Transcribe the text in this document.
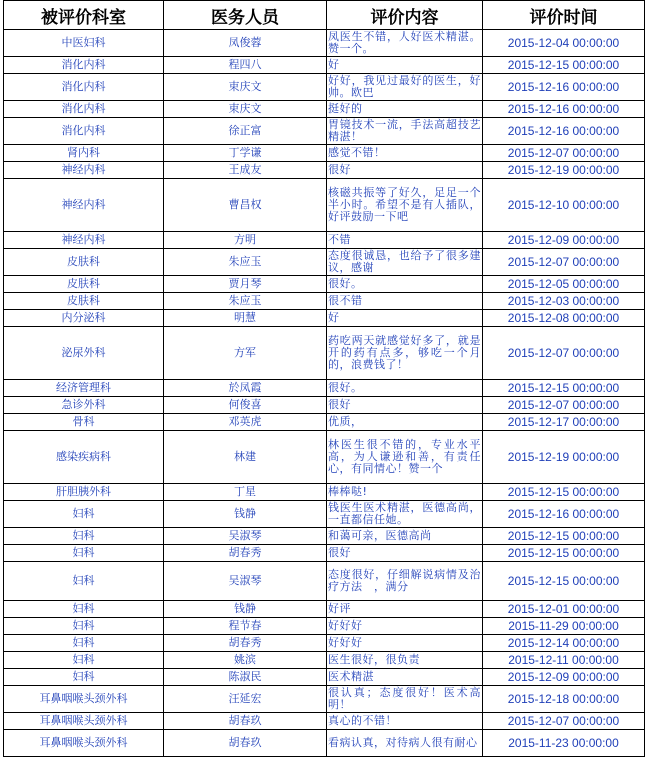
被评价科室	医务人员	评价内容	评价时间
中医妇科	凤俊蓉	凤医生不错，人好医术精湛。赞一个。	2015-12-04 00:00:00
消化内科	程四八	好	2015-12-15 00:00:00
消化内科	束庆文	好好，我见过最好的医生，好帅。欧巴	2015-12-16 00:00:00
消化内科	束庆文	挺好的	2015-12-16 00:00:00
消化内科	徐正富	胃镜技术一流，手法高超技艺精湛！	2015-12-16 00:00:00
肾内科	丁学谦	感觉不错！	2015-12-07 00:00:00
神经内科	王成友	很好	2015-12-19 00:00:00
神经内科	曹昌权	核磁共振等了好久，足足一个半小时。希望不是有人插队，好评鼓励一下吧	2015-12-10 00:00:00
神经内科	方明	不错	2015-12-09 00:00:00
皮肤科	朱应玉	态度很诚恳，也给予了很多建议，感谢	2015-12-07 00:00:00
皮肤科	贾月琴	很好。	2015-12-05 00:00:00
皮肤科	朱应玉	很不错	2015-12-03 00:00:00
内分泌科	明慧	好	2015-12-08 00:00:00
泌尿外科	方军	药吃两天就感觉好多了，就是开的药有点多，够吃一个月的，浪费钱了！	2015-12-07 00:00:00
经济管理科	於凤霞	很好。	2015-12-15 00:00:00
急诊外科	何俊喜	很好	2015-12-07 00:00:00
骨科	邓英虎	优质，	2015-12-17 00:00:00
感染疾病科	林建	林医生很不错的，专业水平高，为人谦逊和善，有责任心，有同情心！赞一个	2015-12-19 00:00:00
肝胆胰外科	丁星	棒棒哒!	2015-12-15 00:00:00
妇科	钱静	钱医生医术精湛，医德高尚，一直都信任她。	2015-12-16 00:00:00
妇科	吴淑琴	和蔼可亲，医德高尚	2015-12-15 00:00:00
妇科	胡春秀	很好	2015-12-15 00:00:00
妇科	吴淑琴	态度很好，仔细解说病情及治疗方法　，满分	2015-12-15 00:00:00
妇科	钱静	好评	2015-12-01 00:00:00
妇科	程节春	好好好	2015-11-29 00:00:00
妇科	胡春秀	好好好	2015-12-14 00:00:00
妇科	姚滨	医生很好，很负责	2015-12-11 00:00:00
妇科	陈淑民	医术精湛	2015-12-09 00:00:00
耳鼻咽喉头颈外科	汪延宏	很认真；态度很好！医术高明！	2015-12-18 00:00:00
耳鼻咽喉头颈外科	胡春玖	真心的不错！	2015-12-07 00:00:00
耳鼻咽喉头颈外科	胡春玖	看病认真，对待病人很有耐心	2015-11-23 00:00:00
